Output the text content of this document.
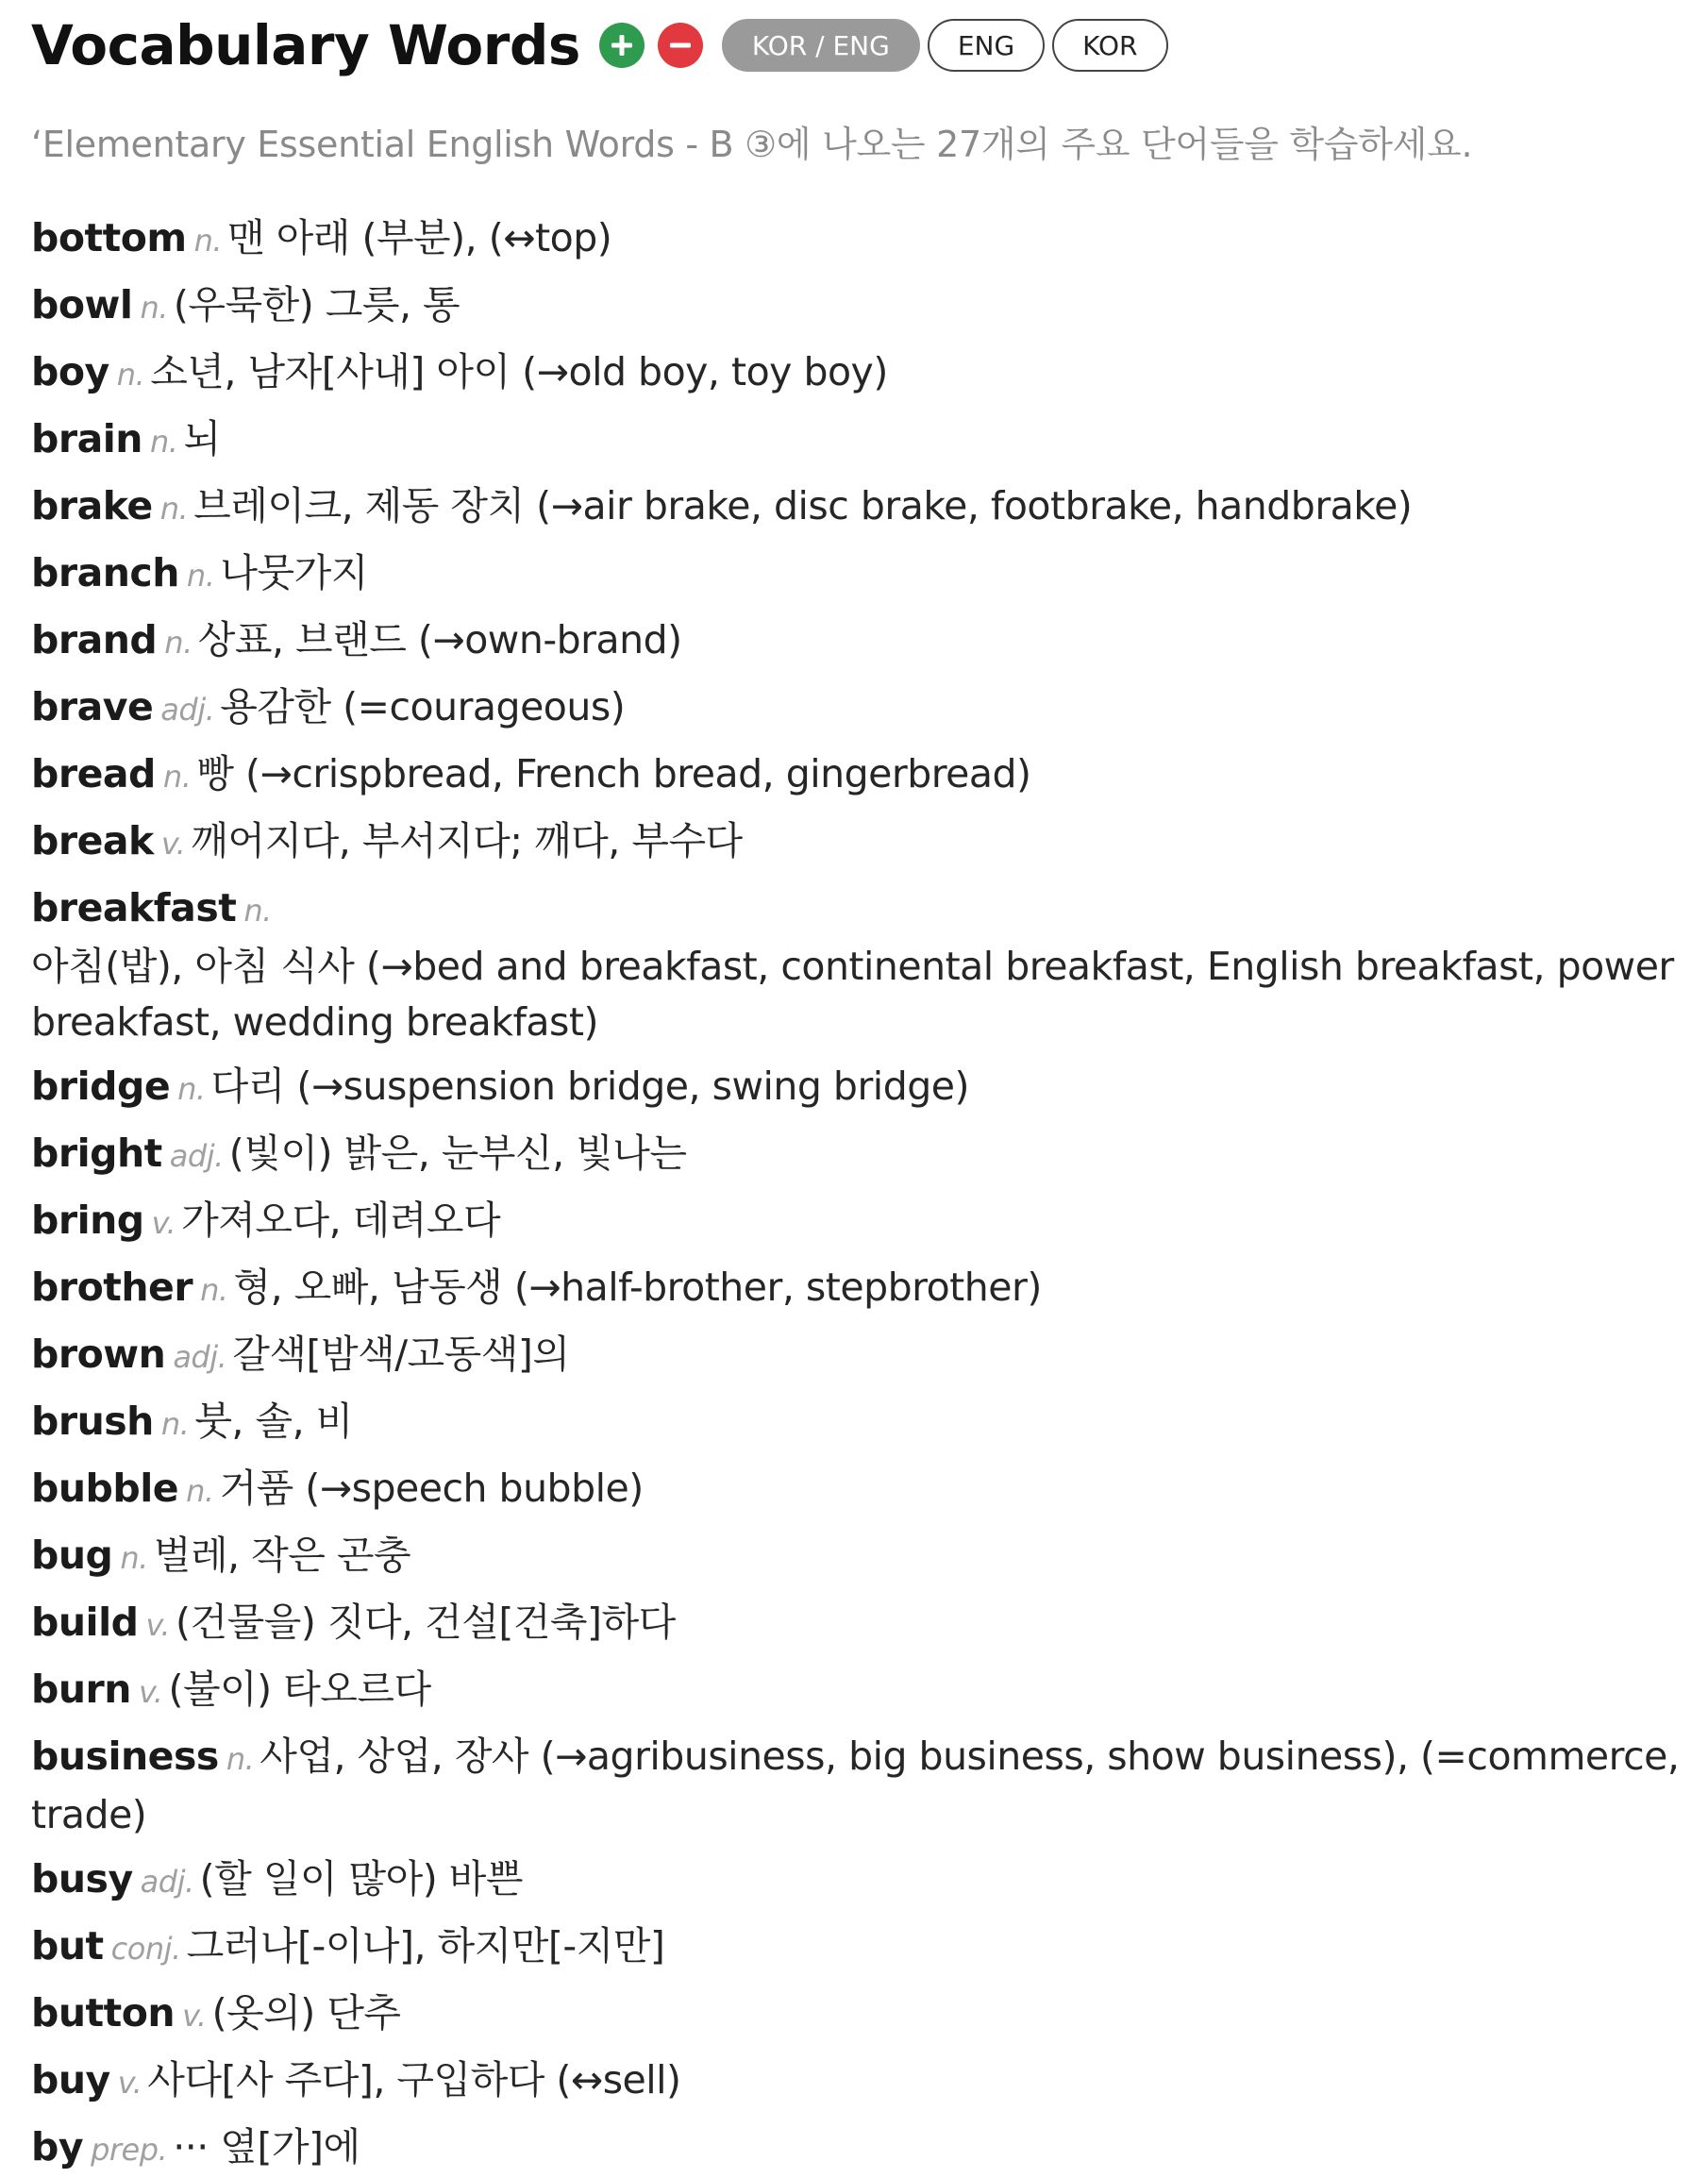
Vocabulary Words	KOR / ENG	ENG	KOR
‘Elementary Essential English Words - B ③에 나오는 27개의 주요 단어들을 학습하세요.
bottom n. 맨 아래 (부분), (↔top)
bowl n. (우묵한) 그릇, 통
boy n. 소년, 남자[사내] 아이 (→old boy, toy boy)
brain n. 뇌
brake n. 브레이크, 제동 장치 (→air brake, disc brake, footbrake, handbrake)
branch n. 나뭇가지
brand n. 상표, 브랜드 (→own-brand)
brave adj. 용감한 (=courageous)
bread n. 빵 (→crispbread, French bread, gingerbread)
break v. 깨어지다, 부서지다; 깨다, 부수다
breakfast n.
아침(밥), 아침 식사 (→bed and breakfast, continental breakfast, English breakfast, power breakfast, wedding breakfast)
bridge n. 다리 (→suspension bridge, swing bridge)
bright adj. (빛이) 밝은, 눈부신, 빛나는
bring v. 가져오다, 데려오다
brother n. 형, 오빠, 남동생 (→half-brother, stepbrother)
brown adj. 갈색[밤색/고동색]의
brush n. 붓, 솔, 비
bubble n. 거품 (→speech bubble)
bug n. 벌레, 작은 곤충
build v. (건물을) 짓다, 건설[건축]하다
burn v. (불이) 타오르다
business n. 사업, 상업, 장사 (→agribusiness, big business, show business), (=commerce, trade)
busy adj. (할 일이 많아) 바쁜
but conj. 그러나[-이나], 하지만[-지만]
button v. (옷의) 단추
buy v. 사다[사 주다], 구입하다 (↔sell)
by prep. ··· 옆[가]에
